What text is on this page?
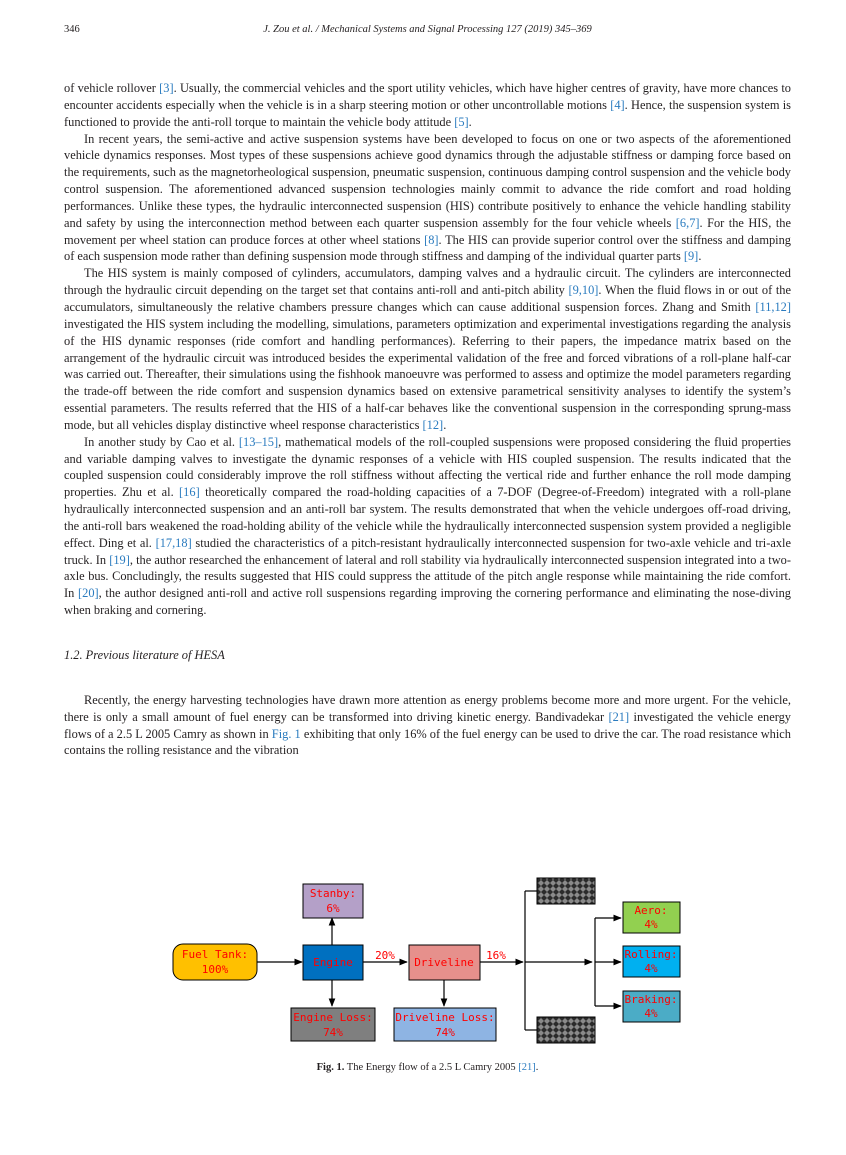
346	J. Zou et al. / Mechanical Systems and Signal Processing 127 (2019) 345–369

of vehicle rollover [3]. Usually, the commercial vehicles and the sport utility vehicles, which have higher centres of gravity, have more chances to encounter accidents especially when the vehicle is in a sharp steering motion or other uncontrollable motions [4]. Hence, the suspension system is functioned to provide the anti-roll torque to maintain the vehicle body attitude [5].

In recent years, the semi-active and active suspension systems have been developed to focus on one or two aspects of the aforementioned vehicle dynamics responses. Most types of these suspensions achieve good dynamics through the adjustable stiffness or damping force based on the requirements, such as the magnetorheological suspension, pneumatic suspension, continuous damping control suspension and the vehicle body control suspension. The aforementioned advanced suspension technologies mainly commit to advance the ride comfort and road holding performances. Unlike these types, the hydraulic interconnected suspension (HIS) contribute positively to enhance the vehicle handling stability and safety by using the interconnection method between each quarter suspension assembly for the four vehicle wheels [6,7]. For the HIS, the movement per wheel station can produce forces at other wheel stations [8]. The HIS can provide superior control over the stiffness and damping of each suspension mode rather than defining suspension mode through stiffness and damping of the individual quarter parts [9].

The HIS system is mainly composed of cylinders, accumulators, damping valves and a hydraulic circuit. The cylinders are interconnected through the hydraulic circuit depending on the target set that contains anti-roll and anti-pitch ability [9,10]. When the fluid flows in or out of the accumulators, simultaneously the relative chambers pressure changes which can cause additional suspension forces. Zhang and Smith [11,12] investigated the HIS system including the modelling, simulations, parameters optimization and experimental investigations regarding the analysis of the HIS dynamic responses (ride comfort and handling performances). Referring to their papers, the impedance matrix based on the arrangement of the hydraulic circuit was introduced besides the experimental validation of the free and forced vibrations of a roll-plane half-car was carried out. Thereafter, their simulations using the fishhook manoeuvre was performed to assess and optimize the model parameters regarding the trade-off between the ride comfort and suspension dynamics based on extensive parametrical sensitivity analyses to identify the system’s essential parameters. The results referred that the HIS of a half-car behaves like the conventional suspension in the corresponding sprung-mass mode, but all vehicles display distinctive wheel response characteristics [12].

In another study by Cao et al. [13–15], mathematical models of the roll-coupled suspensions were proposed considering the fluid properties and variable damping valves to investigate the dynamic responses of a vehicle with HIS coupled suspension. The results indicated that the coupled suspension could considerably improve the roll stiffness without affecting the vertical ride and further enhance the roll mode damping properties. Zhu et al. [16] theoretically compared the road-holding capacities of a 7-DOF (Degree-of-Freedom) integrated with a roll-plane hydraulically interconnected suspension and an anti-roll bar system. The results demonstrated that when the vehicle undergoes off-road driving, the anti-roll bars weakened the road-holding ability of the vehicle while the hydraulically interconnected suspension system provided a negligible effect. Ding et al. [17,18] studied the characteristics of a pitch-resistant hydraulically interconnected suspension for two-axle vehicle and tri-axle truck. In [19], the author researched the enhancement of lateral and roll stability via hydraulically interconnected suspension integrated into a two-axle bus. Concludingly, the results suggested that HIS could suppress the attitude of the pitch angle response while maintaining the ride comfort. In [20], the author designed anti-roll and active roll suspensions regarding improving the cornering performance and eliminating the nose-diving when braking and cornering.

1.2. Previous literature of HESA

Recently, the energy harvesting technologies have drawn more attention as energy problems become more and more urgent. For the vehicle, there is only a small amount of fuel energy can be transformed into driving kinetic energy. Bandivadekar [21] investigated the vehicle energy flows of a 2.5 L 2005 Camry as shown in Fig. 1 exhibiting that only 16% of the fuel energy can be used to drive the car. The road resistance which contains the rolling resistance and the vibration

20%	16%
Fuel Tank:
100%
Stanby:
6%
Engine
Engine Loss:
74%
Driveline
Driveline Loss:
74%
Aero:
4%
Rolling:
4%
Braking:
4%
Fig. 1. The Energy flow of a 2.5 L Camry 2005 [21].
